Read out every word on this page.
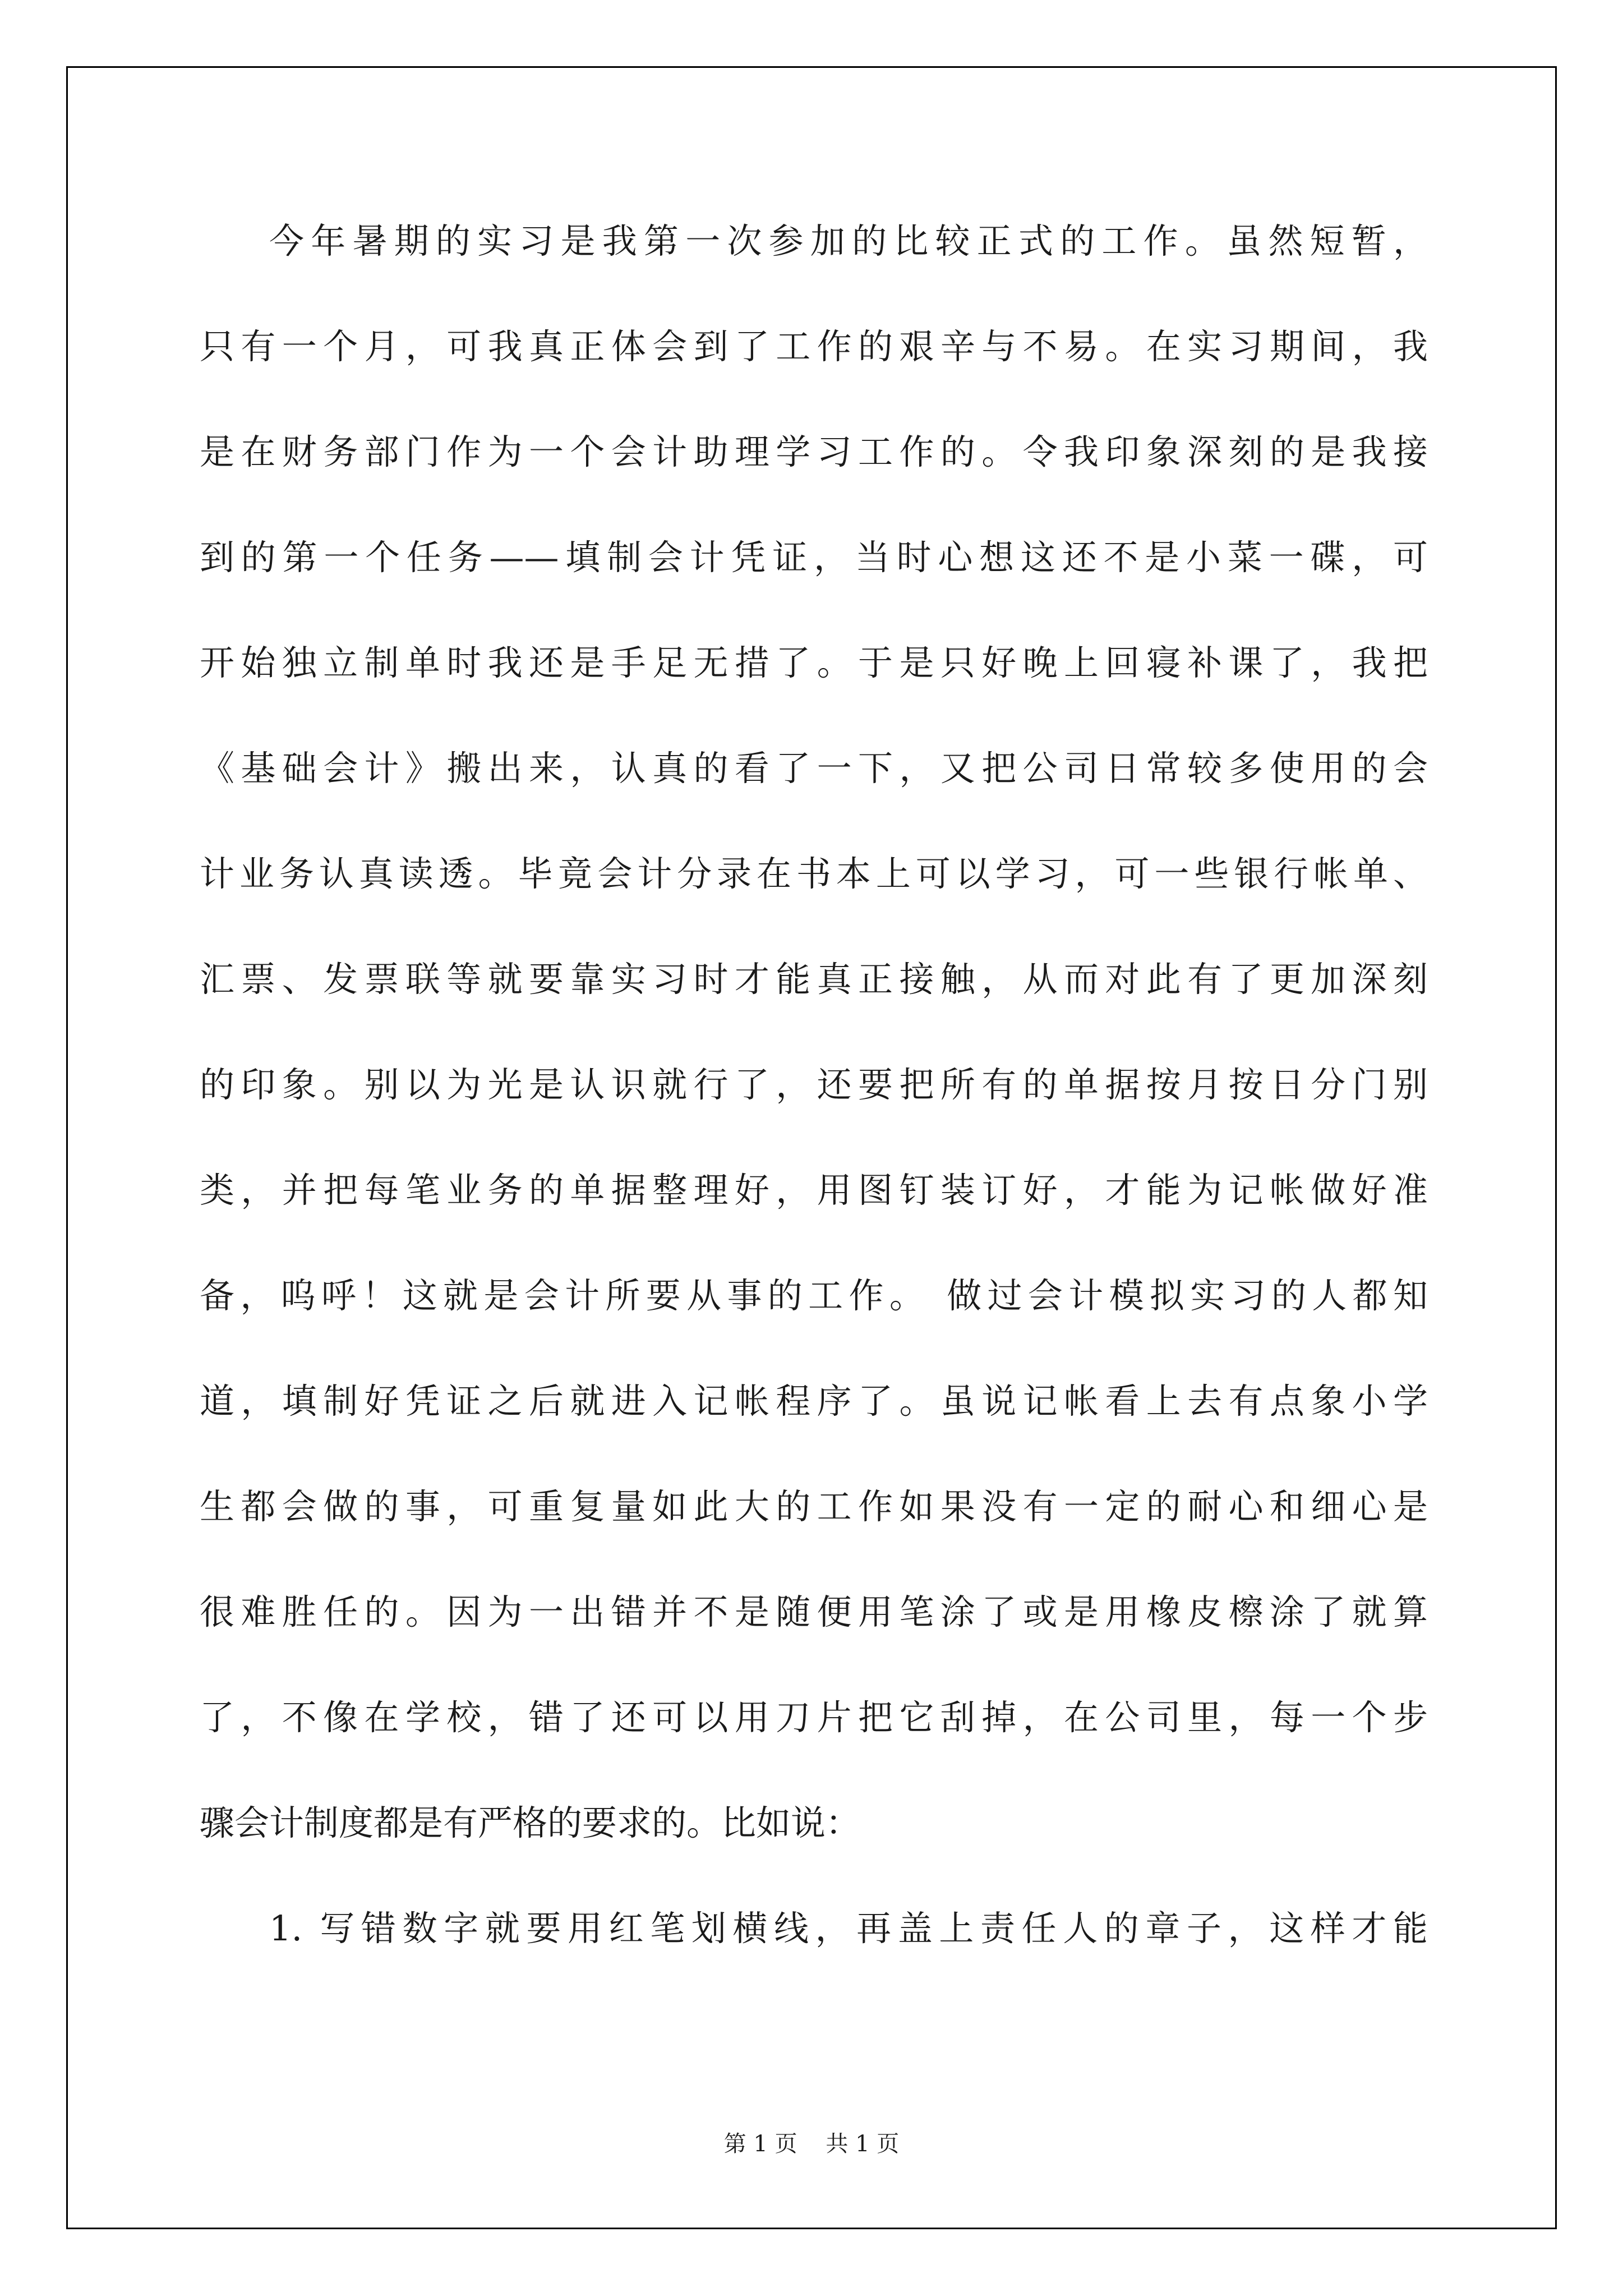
今年暑期的实习是我第一次参加的比较正式的工作。虽然短暂，
只有一个月，可我真正体会到了工作的艰辛与不易。在实习期间，我
是在财务部门作为一个会计助理学习工作的。令我印象深刻的是我接
到的第一个任务——填制会计凭证，当时心想这还不是小菜一碟，可
开始独立制单时我还是手足无措了。于是只好晚上回寝补课了，我把
《基础会计》搬出来，认真的看了一下，又把公司日常较多使用的会
计业务认真读透。毕竟会计分录在书本上可以学习，可一些银行帐单、
汇票、发票联等就要靠实习时才能真正接触，从而对此有了更加深刻
的印象。别以为光是认识就行了，还要把所有的单据按月按日分门别
类，并把每笔业务的单据整理好，用图钉装订好，才能为记帐做好准
备，呜呼！这就是会计所要从事的工作。 做过会计模拟实习的人都知
道，填制好凭证之后就进入记帐程序了。虽说记帐看上去有点象小学
生都会做的事，可重复量如此大的工作如果没有一定的耐心和细心是
很难胜任的。因为一出错并不是随便用笔涂了或是用橡皮檫涂了就算
了，不像在学校，错了还可以用刀片把它刮掉，在公司里，每一个步
骤会计制度都是有严格的要求的。比如说：
1. 写错数字就要用红笔划横线，再盖上责任人的章子，这样才能
第 1 页    共 1 页
